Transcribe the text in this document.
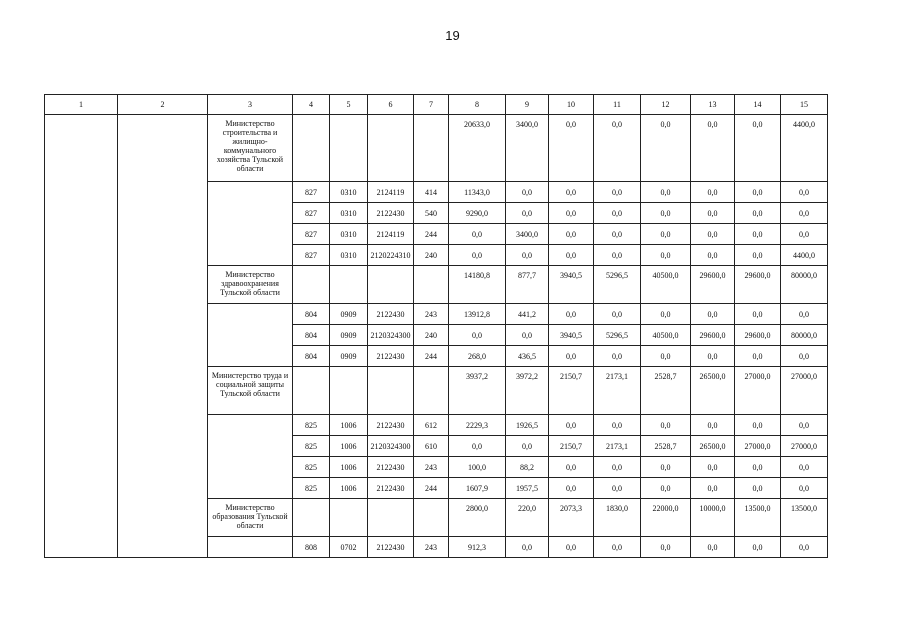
19
1	2	3	4	5	6	7	8	9	10	11	12	13	14	15
		Министерство строительства и жилищно-коммунального хозяйства Тульской области					20633,0	3400,0	0,0	0,0	0,0	0,0	0,0	4400,0
			827	0310	2124119	414	11343,0	0,0	0,0	0,0	0,0	0,0	0,0	0,0
			827	0310	2122430	540	9290,0	0,0	0,0	0,0	0,0	0,0	0,0	0,0
			827	0310	2124119	244	0,0	3400,0	0,0	0,0	0,0	0,0	0,0	0,0
			827	0310	2120224310	240	0,0	0,0	0,0	0,0	0,0	0,0	0,0	4400,0
		Министерство здравоохранения Тульской области					14180,8	877,7	3940,5	5296,5	40500,0	29600,0	29600,0	80000,0
			804	0909	2122430	243	13912,8	441,2	0,0	0,0	0,0	0,0	0,0	0,0
			804	0909	2120324300	240	0,0	0,0	3940,5	5296,5	40500,0	29600,0	29600,0	80000,0
			804	0909	2122430	244	268,0	436,5	0,0	0,0	0,0	0,0	0,0	0,0
		Министерство труда и социальной защиты Тульской области					3937,2	3972,2	2150,7	2173,1	2528,7	26500,0	27000,0	27000,0
			825	1006	2122430	612	2229,3	1926,5	0,0	0,0	0,0	0,0	0,0	0,0
			825	1006	2120324300	610	0,0	0,0	2150,7	2173,1	2528,7	26500,0	27000,0	27000,0
			825	1006	2122430	243	100,0	88,2	0,0	0,0	0,0	0,0	0,0	0,0
			825	1006	2122430	244	1607,9	1957,5	0,0	0,0	0,0	0,0	0,0	0,0
		Министерство образования Тульской области					2800,0	220,0	2073,3	1830,0	22000,0	10000,0	13500,0	13500,0
			808	0702	2122430	243	912,3	0,0	0,0	0,0	0,0	0,0	0,0	0,0
